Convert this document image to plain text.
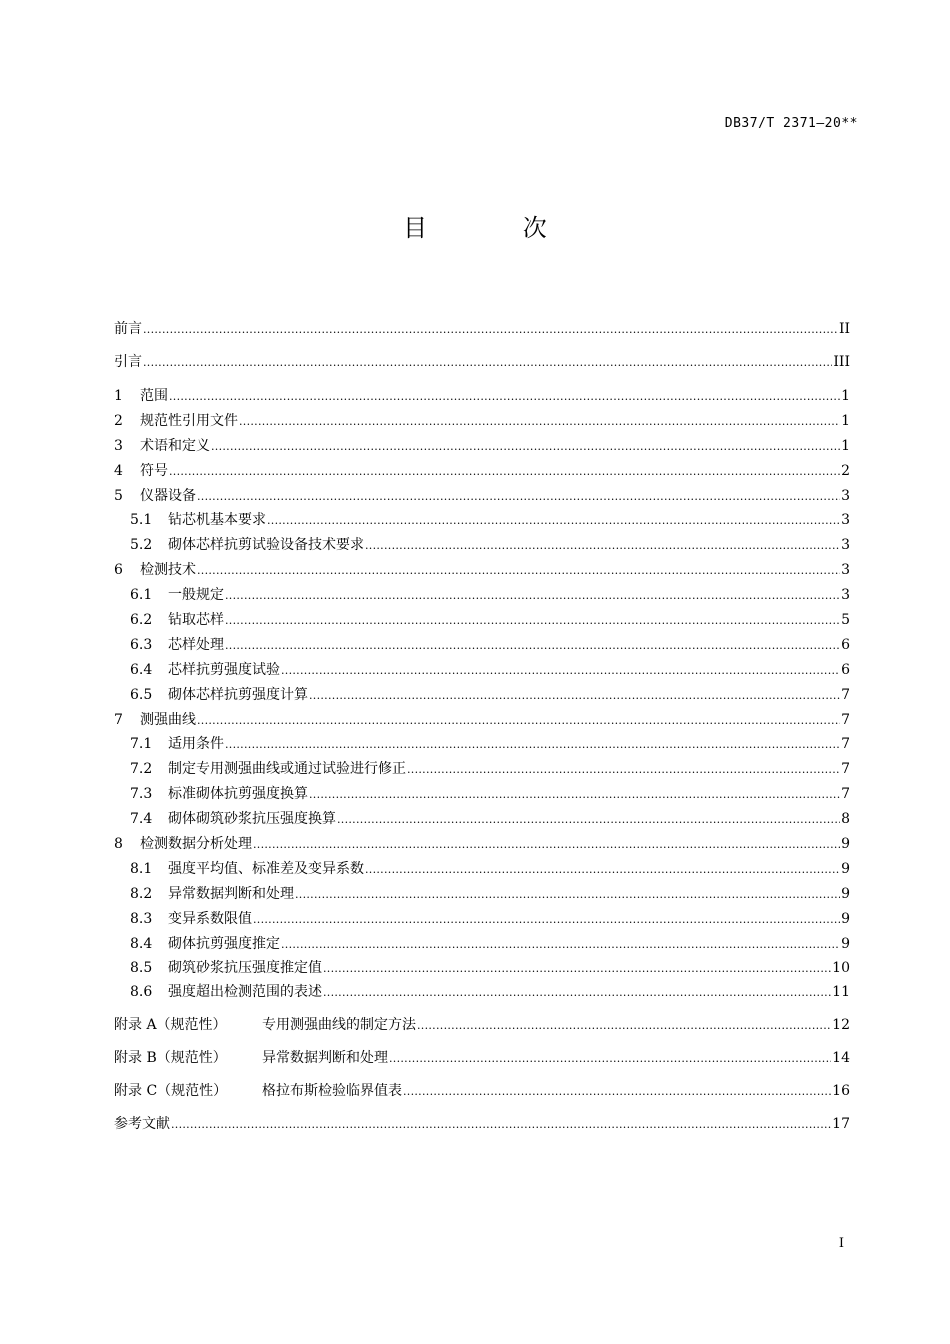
DB37/T 2371—20**
目 次
前言 .....	II
引言 .....	III
1	范围 .....	1
2	规范性引用文件 .....	1
3	术语和定义 .....	1
4	符号 .....	2
5	仪器设备 .....	3
5.1	钻芯机基本要求 .....	3
5.2	砌体芯样抗剪试验设备技术要求 .....	3
6	检测技术 .....	3
6.1	一般规定 .....	3
6.2	钻取芯样 .....	5
6.3	芯样处理 .....	6
6.4	芯样抗剪强度试验 .....	6
6.5	砌体芯样抗剪强度计算 .....	7
7	测强曲线 .....	7
7.1	适用条件 .....	7
7.2	制定专用测强曲线或通过试验进行修正 .....	7
7.3	标准砌体抗剪强度换算 .....	7
7.4	砌体砌筑砂浆抗压强度换算 .....	8
8	检测数据分析处理 .....	9
8.1	强度平均值、标准差及变异系数 .....	9
8.2	异常数据判断和处理 .....	9
8.3	变异系数限值 .....	9
8.4	砌体抗剪强度推定 .....	9
8.5	砌筑砂浆抗压强度推定值 .....	10
8.6	强度超出检测范围的表述 .....	11
附录 A（规范性）	专用测强曲线的制定方法 .....	12
附录 B（规范性）	异常数据判断和处理 .....	14
附录 C（规范性）	格拉布斯检验临界值表 .....	16
参考文献 .....	17
I
